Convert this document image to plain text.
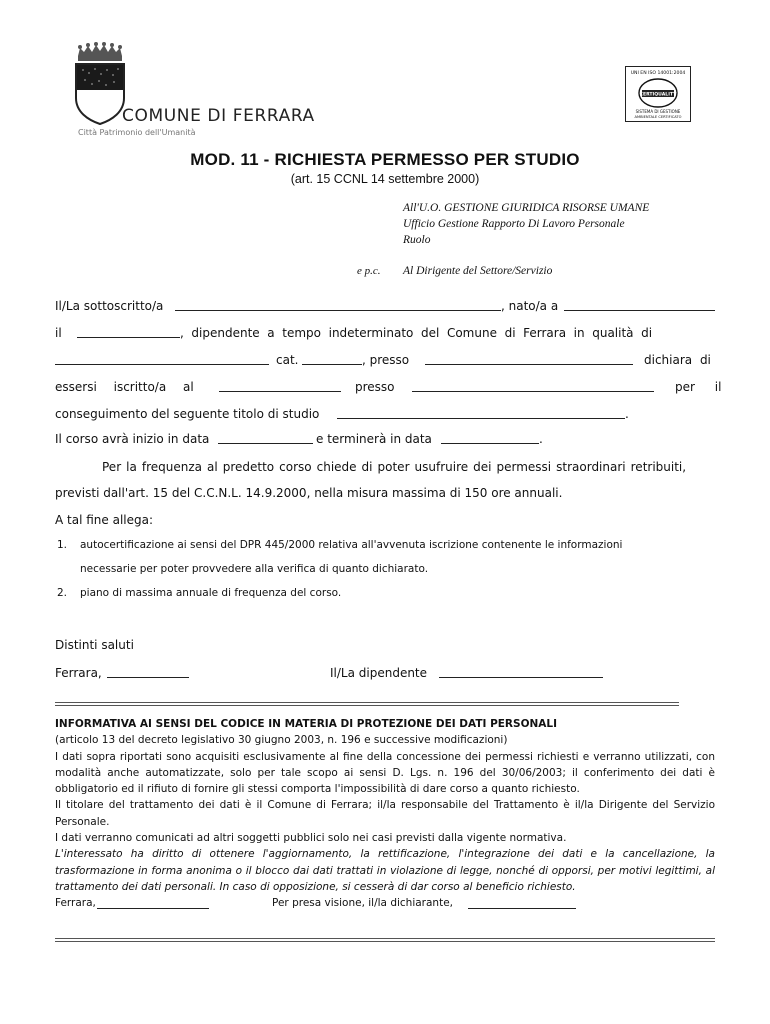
COMUNE DI FERRARA
Città Patrimonio dell'Umanità
UNI EN ISO 14001:2004
CERTIQUALITY
SISTEMA DI GESTIONE
AMBIENTALE CERTIFICATO
MOD. 11 - RICHIESTA PERMESSO PER STUDIO
(art. 15 CCNL 14 settembre 2000)
All'U.O. GESTIONE GIURIDICA RISORSE UMANE
Ufficio Gestione Rapporto Di Lavoro Personale
Ruolo
e p.c. Al Dirigente del Settore/Servizio
Il/La sottoscritto/a	, nato/a a
il	, dipendente a tempo indeterminato del Comune di Ferrara in qualità di
cat.	, presso	dichiara di
essersi iscritto/a al	presso	per il
conseguimento del seguente titolo di studio	.
Il corso avrà inizio in data	e terminerà in data	.
Per la frequenza al predetto corso chiede di poter usufruire dei permessi straordinari retribuiti,
previsti dall'art. 15 del C.C.N.L. 14.9.2000, nella misura massima di 150 ore annuali.
A tal fine allega:
1. autocertificazione ai sensi del DPR 445/2000 relativa all'avvenuta iscrizione contenente le informazioni
necessarie per poter provvedere alla verifica di quanto dichiarato.
2. piano di massima annuale di frequenza del corso.
Distinti saluti
Ferrara,	Il/La dipendente
INFORMATIVA AI SENSI DEL CODICE IN MATERIA DI PROTEZIONE DEI DATI PERSONALI
(articolo 13 del decreto legislativo 30 giugno 2003, n. 196 e successive modificazioni)
I dati sopra riportati sono acquisiti esclusivamente al fine della concessione dei permessi richiesti e verranno utilizzati, con modalità anche automatizzate, solo per tale scopo ai sensi D. Lgs. n. 196 del 30/06/2003; il conferimento dei dati è obbligatorio ed il rifiuto di fornire gli stessi comporta l'impossibilità di dare corso a quanto richiesto.
Il titolare del trattamento dei dati è il Comune di Ferrara; il/la responsabile del Trattamento è il/la Dirigente del Servizio Personale.
I dati verranno comunicati ad altri soggetti pubblici solo nei casi previsti dalla vigente normativa.
L'interessato ha diritto di ottenere l'aggiornamento, la rettificazione, l'integrazione dei dati e la cancellazione, la trasformazione in forma anonima o il blocco dai dati trattati in violazione di legge, nonché di opporsi, per motivi legittimi, al trattamento dei dati personali. In caso di opposizione, si cesserà di dar corso al beneficio richiesto.
Ferrara,	Per presa visione, il/la dichiarante,
